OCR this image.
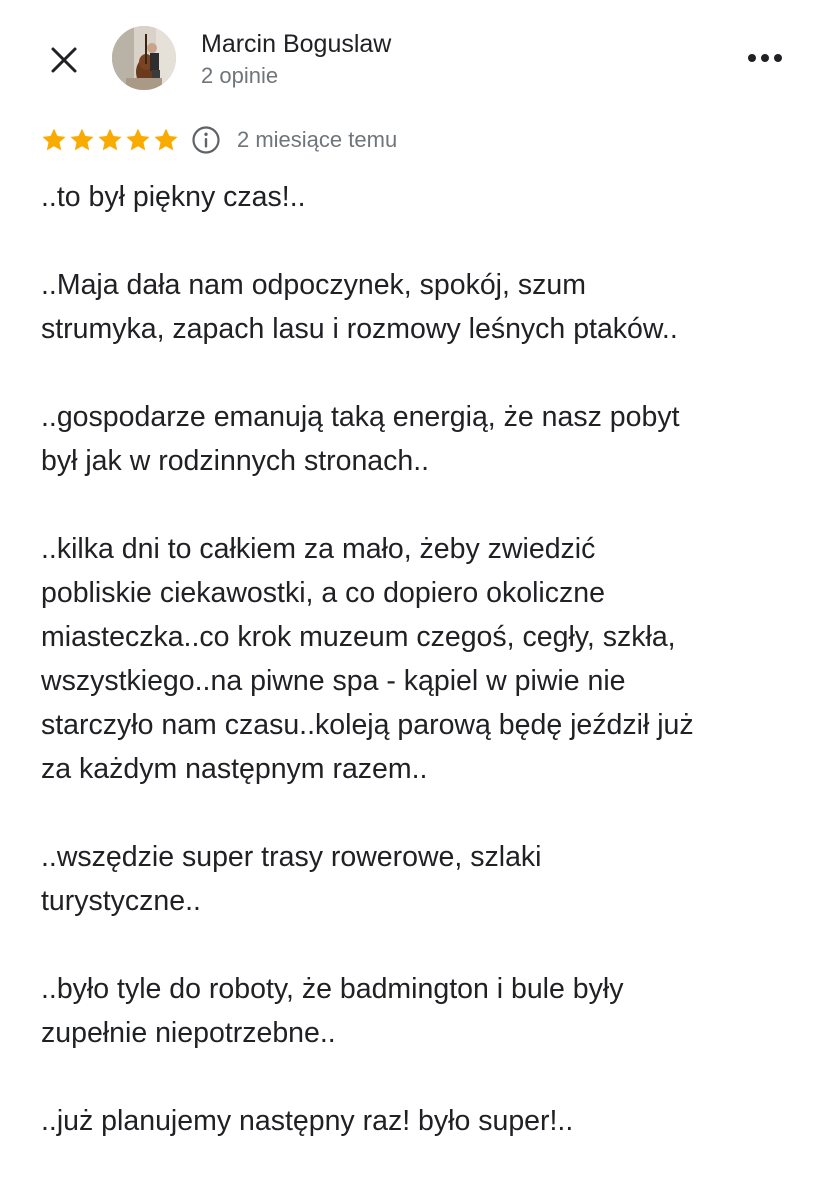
Marcin Boguslaw
2 opinie
2 miesiące temu

..to był piękny czas!..

..Maja dała nam odpoczynek, spokój, szum
strumyka, zapach lasu i rozmowy leśnych ptaków..

..gospodarze emanują taką energią, że nasz pobyt
był jak w rodzinnych stronach..

..kilka dni to całkiem za mało, żeby zwiedzić
pobliskie ciekawostki, a co dopiero okoliczne
miasteczka..co krok muzeum czegoś, cegły, szkła,
wszystkiego..na piwne spa - kąpiel w piwie nie
starczyło nam czasu..koleją parową będę jeździł już
za każdym następnym razem..

..wszędzie super trasy rowerowe, szlaki
turystyczne..

..było tyle do roboty, że badmington i bule były
zupełnie niepotrzebne..

..już planujemy następny raz! było super!..
